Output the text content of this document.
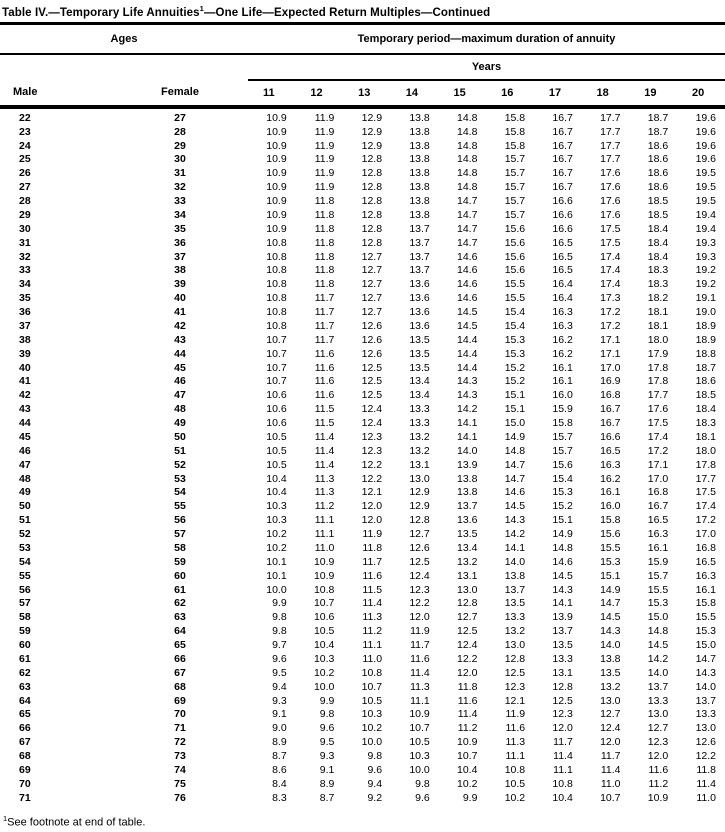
Table IV.—Temporary Life Annuities$^1$—One Life—Expected Return Multiples—Continued
Ages		Temporary period—maximum duration of annuity									
		Years									
Male	Female	11	12	13	14	15	16	17	18	19	20
22	27	10.9	11.9	12.9	13.8	14.8	15.8	16.7	17.7	18.7	19.6
23	28	10.9	11.9	12.9	13.8	14.8	15.8	16.7	17.7	18.7	19.6
24	29	10.9	11.9	12.9	13.8	14.8	15.8	16.7	17.7	18.6	19.6
25	30	10.9	11.9	12.8	13.8	14.8	15.7	16.7	17.7	18.6	19.6
26	31	10.9	11.9	12.8	13.8	14.8	15.7	16.7	17.6	18.6	19.5
27	32	10.9	11.9	12.8	13.8	14.8	15.7	16.7	17.6	18.6	19.5
28	33	10.9	11.8	12.8	13.8	14.7	15.7	16.6	17.6	18.5	19.5
29	34	10.9	11.8	12.8	13.8	14.7	15.7	16.6	17.6	18.5	19.4
30	35	10.9	11.8	12.8	13.7	14.7	15.6	16.6	17.5	18.4	19.4
31	36	10.8	11.8	12.8	13.7	14.7	15.6	16.5	17.5	18.4	19.3
32	37	10.8	11.8	12.7	13.7	14.6	15.6	16.5	17.4	18.4	19.3
33	38	10.8	11.8	12.7	13.7	14.6	15.6	16.5	17.4	18.3	19.2
34	39	10.8	11.8	12.7	13.6	14.6	15.5	16.4	17.4	18.3	19.2
35	40	10.8	11.7	12.7	13.6	14.6	15.5	16.4	17.3	18.2	19.1
36	41	10.8	11.7	12.7	13.6	14.5	15.4	16.3	17.2	18.1	19.0
37	42	10.8	11.7	12.6	13.6	14.5	15.4	16.3	17.2	18.1	18.9
38	43	10.7	11.7	12.6	13.5	14.4	15.3	16.2	17.1	18.0	18.9
39	44	10.7	11.6	12.6	13.5	14.4	15.3	16.2	17.1	17.9	18.8
40	45	10.7	11.6	12.5	13.5	14.4	15.2	16.1	17.0	17.8	18.7
41	46	10.7	11.6	12.5	13.4	14.3	15.2	16.1	16.9	17.8	18.6
42	47	10.6	11.6	12.5	13.4	14.3	15.1	16.0	16.8	17.7	18.5
43	48	10.6	11.5	12.4	13.3	14.2	15.1	15.9	16.7	17.6	18.4
44	49	10.6	11.5	12.4	13.3	14.1	15.0	15.8	16.7	17.5	18.3
45	50	10.5	11.4	12.3	13.2	14.1	14.9	15.7	16.6	17.4	18.1
46	51	10.5	11.4	12.3	13.2	14.0	14.8	15.7	16.5	17.2	18.0
47	52	10.5	11.4	12.2	13.1	13.9	14.7	15.6	16.3	17.1	17.8
48	53	10.4	11.3	12.2	13.0	13.8	14.7	15.4	16.2	17.0	17.7
49	54	10.4	11.3	12.1	12.9	13.8	14.6	15.3	16.1	16.8	17.5
50	55	10.3	11.2	12.0	12.9	13.7	14.5	15.2	16.0	16.7	17.4
51	56	10.3	11.1	12.0	12.8	13.6	14.3	15.1	15.8	16.5	17.2
52	57	10.2	11.1	11.9	12.7	13.5	14.2	14.9	15.6	16.3	17.0
53	58	10.2	11.0	11.8	12.6	13.4	14.1	14.8	15.5	16.1	16.8
54	59	10.1	10.9	11.7	12.5	13.2	14.0	14.6	15.3	15.9	16.5
55	60	10.1	10.9	11.6	12.4	13.1	13.8	14.5	15.1	15.7	16.3
56	61	10.0	10.8	11.5	12.3	13.0	13.7	14.3	14.9	15.5	16.1
57	62	9.9	10.7	11.4	12.2	12.8	13.5	14.1	14.7	15.3	15.8
58	63	9.8	10.6	11.3	12.0	12.7	13.3	13.9	14.5	15.0	15.5
59	64	9.8	10.5	11.2	11.9	12.5	13.2	13.7	14.3	14.8	15.3
60	65	9.7	10.4	11.1	11.7	12.4	13.0	13.5	14.0	14.5	15.0
61	66	9.6	10.3	11.0	11.6	12.2	12.8	13.3	13.8	14.2	14.7
62	67	9.5	10.2	10.8	11.4	12.0	12.5	13.1	13.5	14.0	14.3
63	68	9.4	10.0	10.7	11.3	11.8	12.3	12.8	13.2	13.7	14.0
64	69	9.3	9.9	10.5	11.1	11.6	12.1	12.5	13.0	13.3	13.7
65	70	9.1	9.8	10.3	10.9	11.4	11.9	12.3	12.7	13.0	13.3
66	71	9.0	9.6	10.2	10.7	11.2	11.6	12.0	12.4	12.7	13.0
67	72	8.9	9.5	10.0	10.5	10.9	11.3	11.7	12.0	12.3	12.6
68	73	8.7	9.3	9.8	10.3	10.7	11.1	11.4	11.7	12.0	12.2
69	74	8.6	9.1	9.6	10.0	10.4	10.8	11.1	11.4	11.6	11.8
70	75	8.4	8.9	9.4	9.8	10.2	10.5	10.8	11.0	11.2	11.4
71	76	8.3	8.7	9.2	9.6	9.9	10.2	10.4	10.7	10.9	11.0
$^1$See footnote at end of table.
